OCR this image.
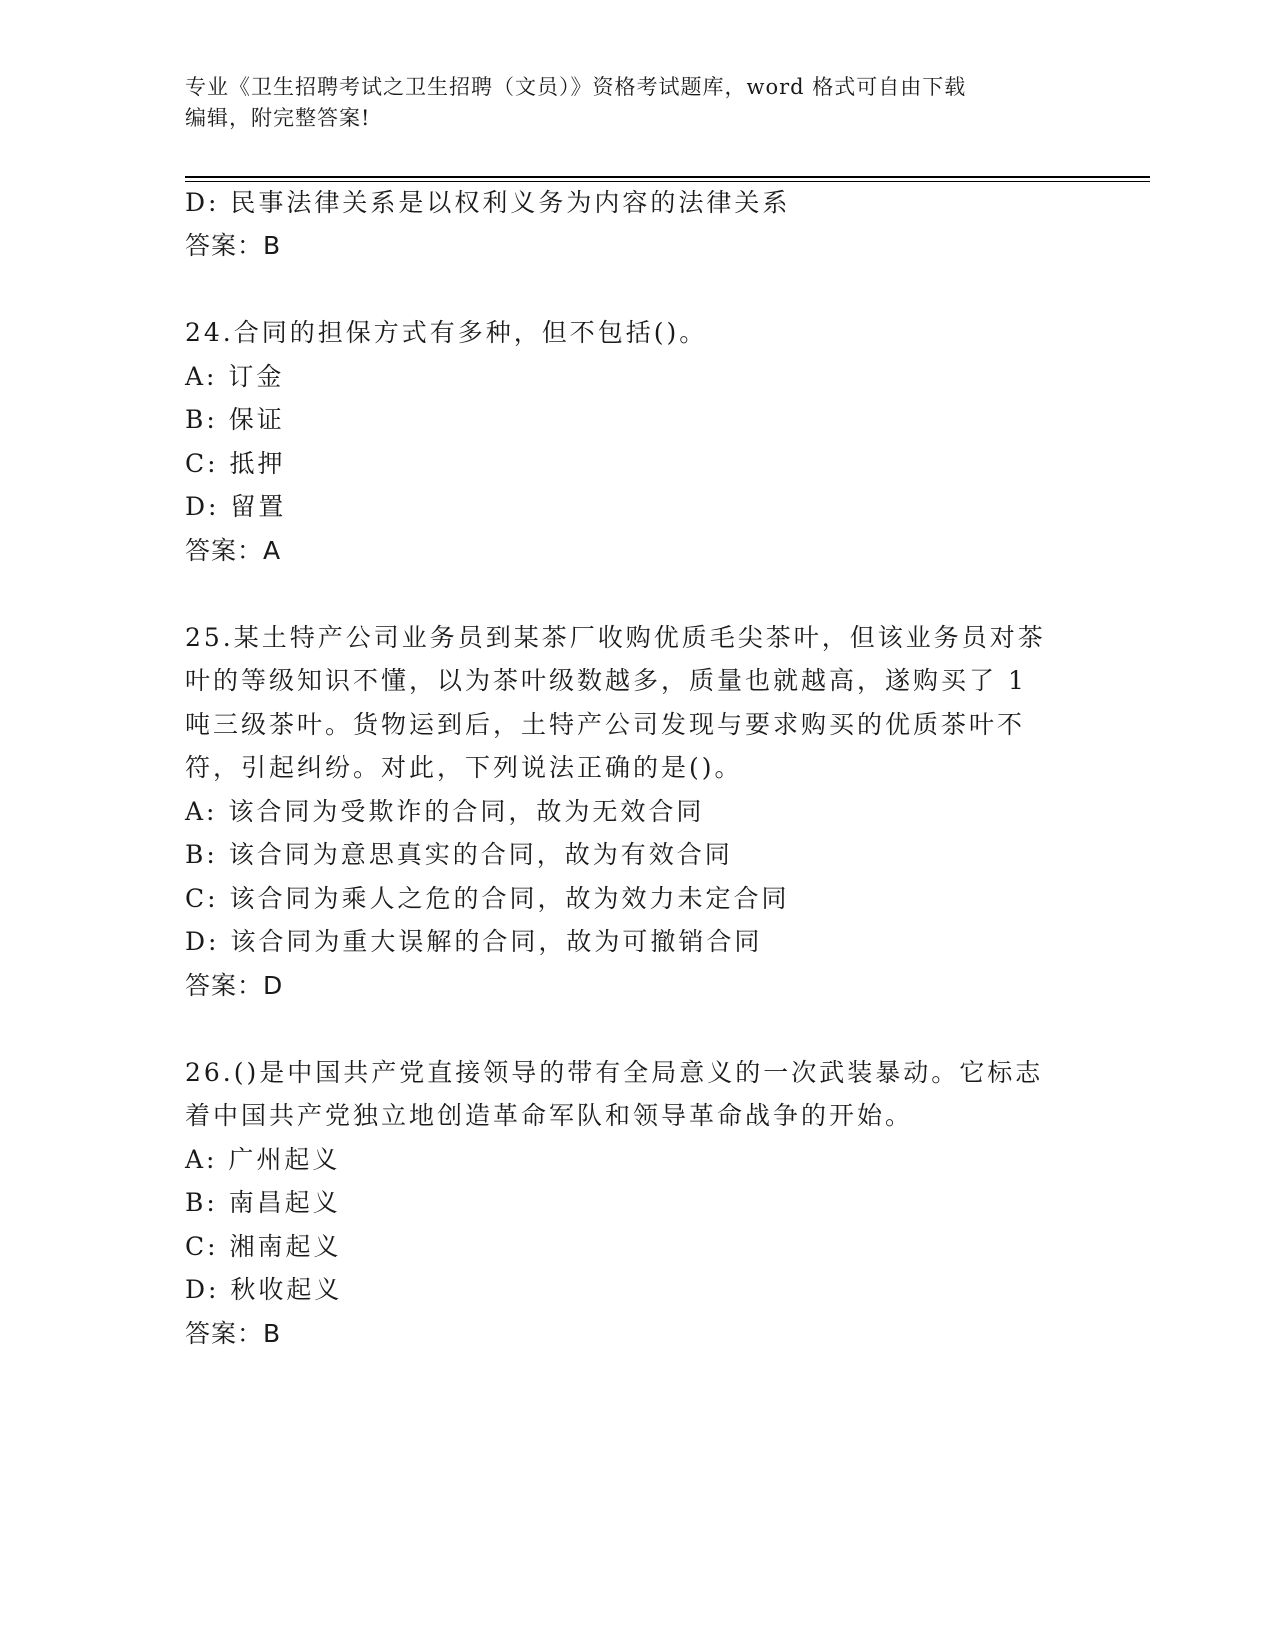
专业《卫生招聘考试之卫生招聘（文员）》资格考试题库，word 格式可自由下载
编辑，附完整答案!
D: 民事法律关系是以权利义务为内容的法律关系
答案：B
24.合同的担保方式有多种，但不包括()。
A: 订金
B: 保证
C: 抵押
D: 留置
答案：A
25.某土特产公司业务员到某茶厂收购优质毛尖茶叶，但该业务员对茶
叶的等级知识不懂，以为茶叶级数越多，质量也就越高，遂购买了 1
吨三级茶叶。货物运到后，土特产公司发现与要求购买的优质茶叶不
符，引起纠纷。对此，下列说法正确的是()。
A: 该合同为受欺诈的合同，故为无效合同
B: 该合同为意思真实的合同，故为有效合同
C: 该合同为乘人之危的合同，故为效力未定合同
D: 该合同为重大误解的合同，故为可撤销合同
答案：D
26.()是中国共产党直接领导的带有全局意义的一次武装暴动。它标志
着中国共产党独立地创造革命军队和领导革命战争的开始。
A: 广州起义
B: 南昌起义
C: 湘南起义
D: 秋收起义
答案：B
